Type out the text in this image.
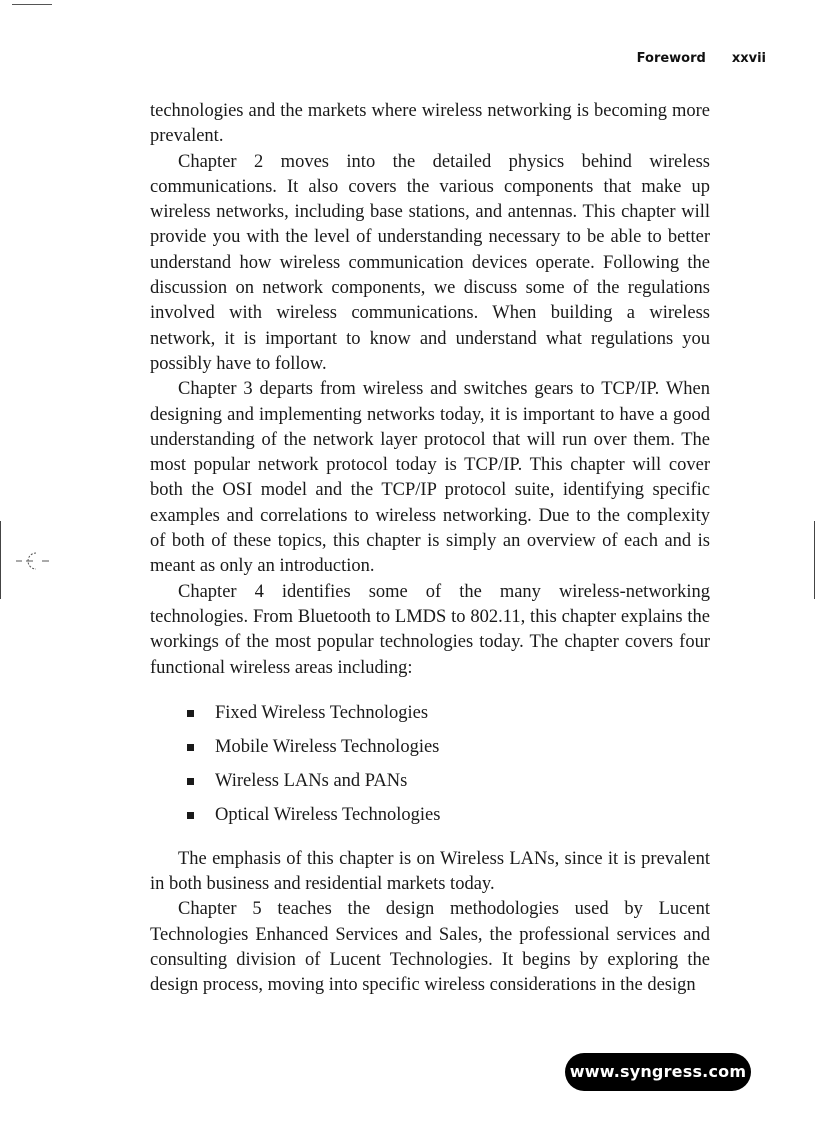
Foreword xxvii

technologies and the markets where wireless networking is becoming more prevalent.

Chapter 2 moves into the detailed physics behind wireless communications. It also covers the various components that make up wireless networks, including base stations, and antennas. This chapter will provide you with the level of understanding necessary to be able to better understand how wireless communication devices operate. Following the discussion on network components, we discuss some of the regulations involved with wireless communications. When building a wireless network, it is important to know and understand what regulations you possibly have to follow.

Chapter 3 departs from wireless and switches gears to TCP/IP. When designing and implementing networks today, it is important to have a good understanding of the network layer protocol that will run over them. The most popular network protocol today is TCP/IP. This chapter will cover both the OSI model and the TCP/IP protocol suite, identifying specific examples and correlations to wireless networking. Due to the complexity of both of these topics, this chapter is simply an overview of each and is meant as only an introduction.

Chapter 4 identifies some of the many wireless-networking technologies. From Bluetooth to LMDS to 802.11, this chapter explains the workings of the most popular technologies today. The chapter covers four functional wireless areas including:

Fixed Wireless Technologies
Mobile Wireless Technologies
Wireless LANs and PANs
Optical Wireless Technologies

The emphasis of this chapter is on Wireless LANs, since it is prevalent in both business and residential markets today.

Chapter 5 teaches the design methodologies used by Lucent Technologies Enhanced Services and Sales, the professional services and consulting division of Lucent Technologies. It begins by exploring the design process, moving into specific wireless considerations in the design

www.syngress.com
